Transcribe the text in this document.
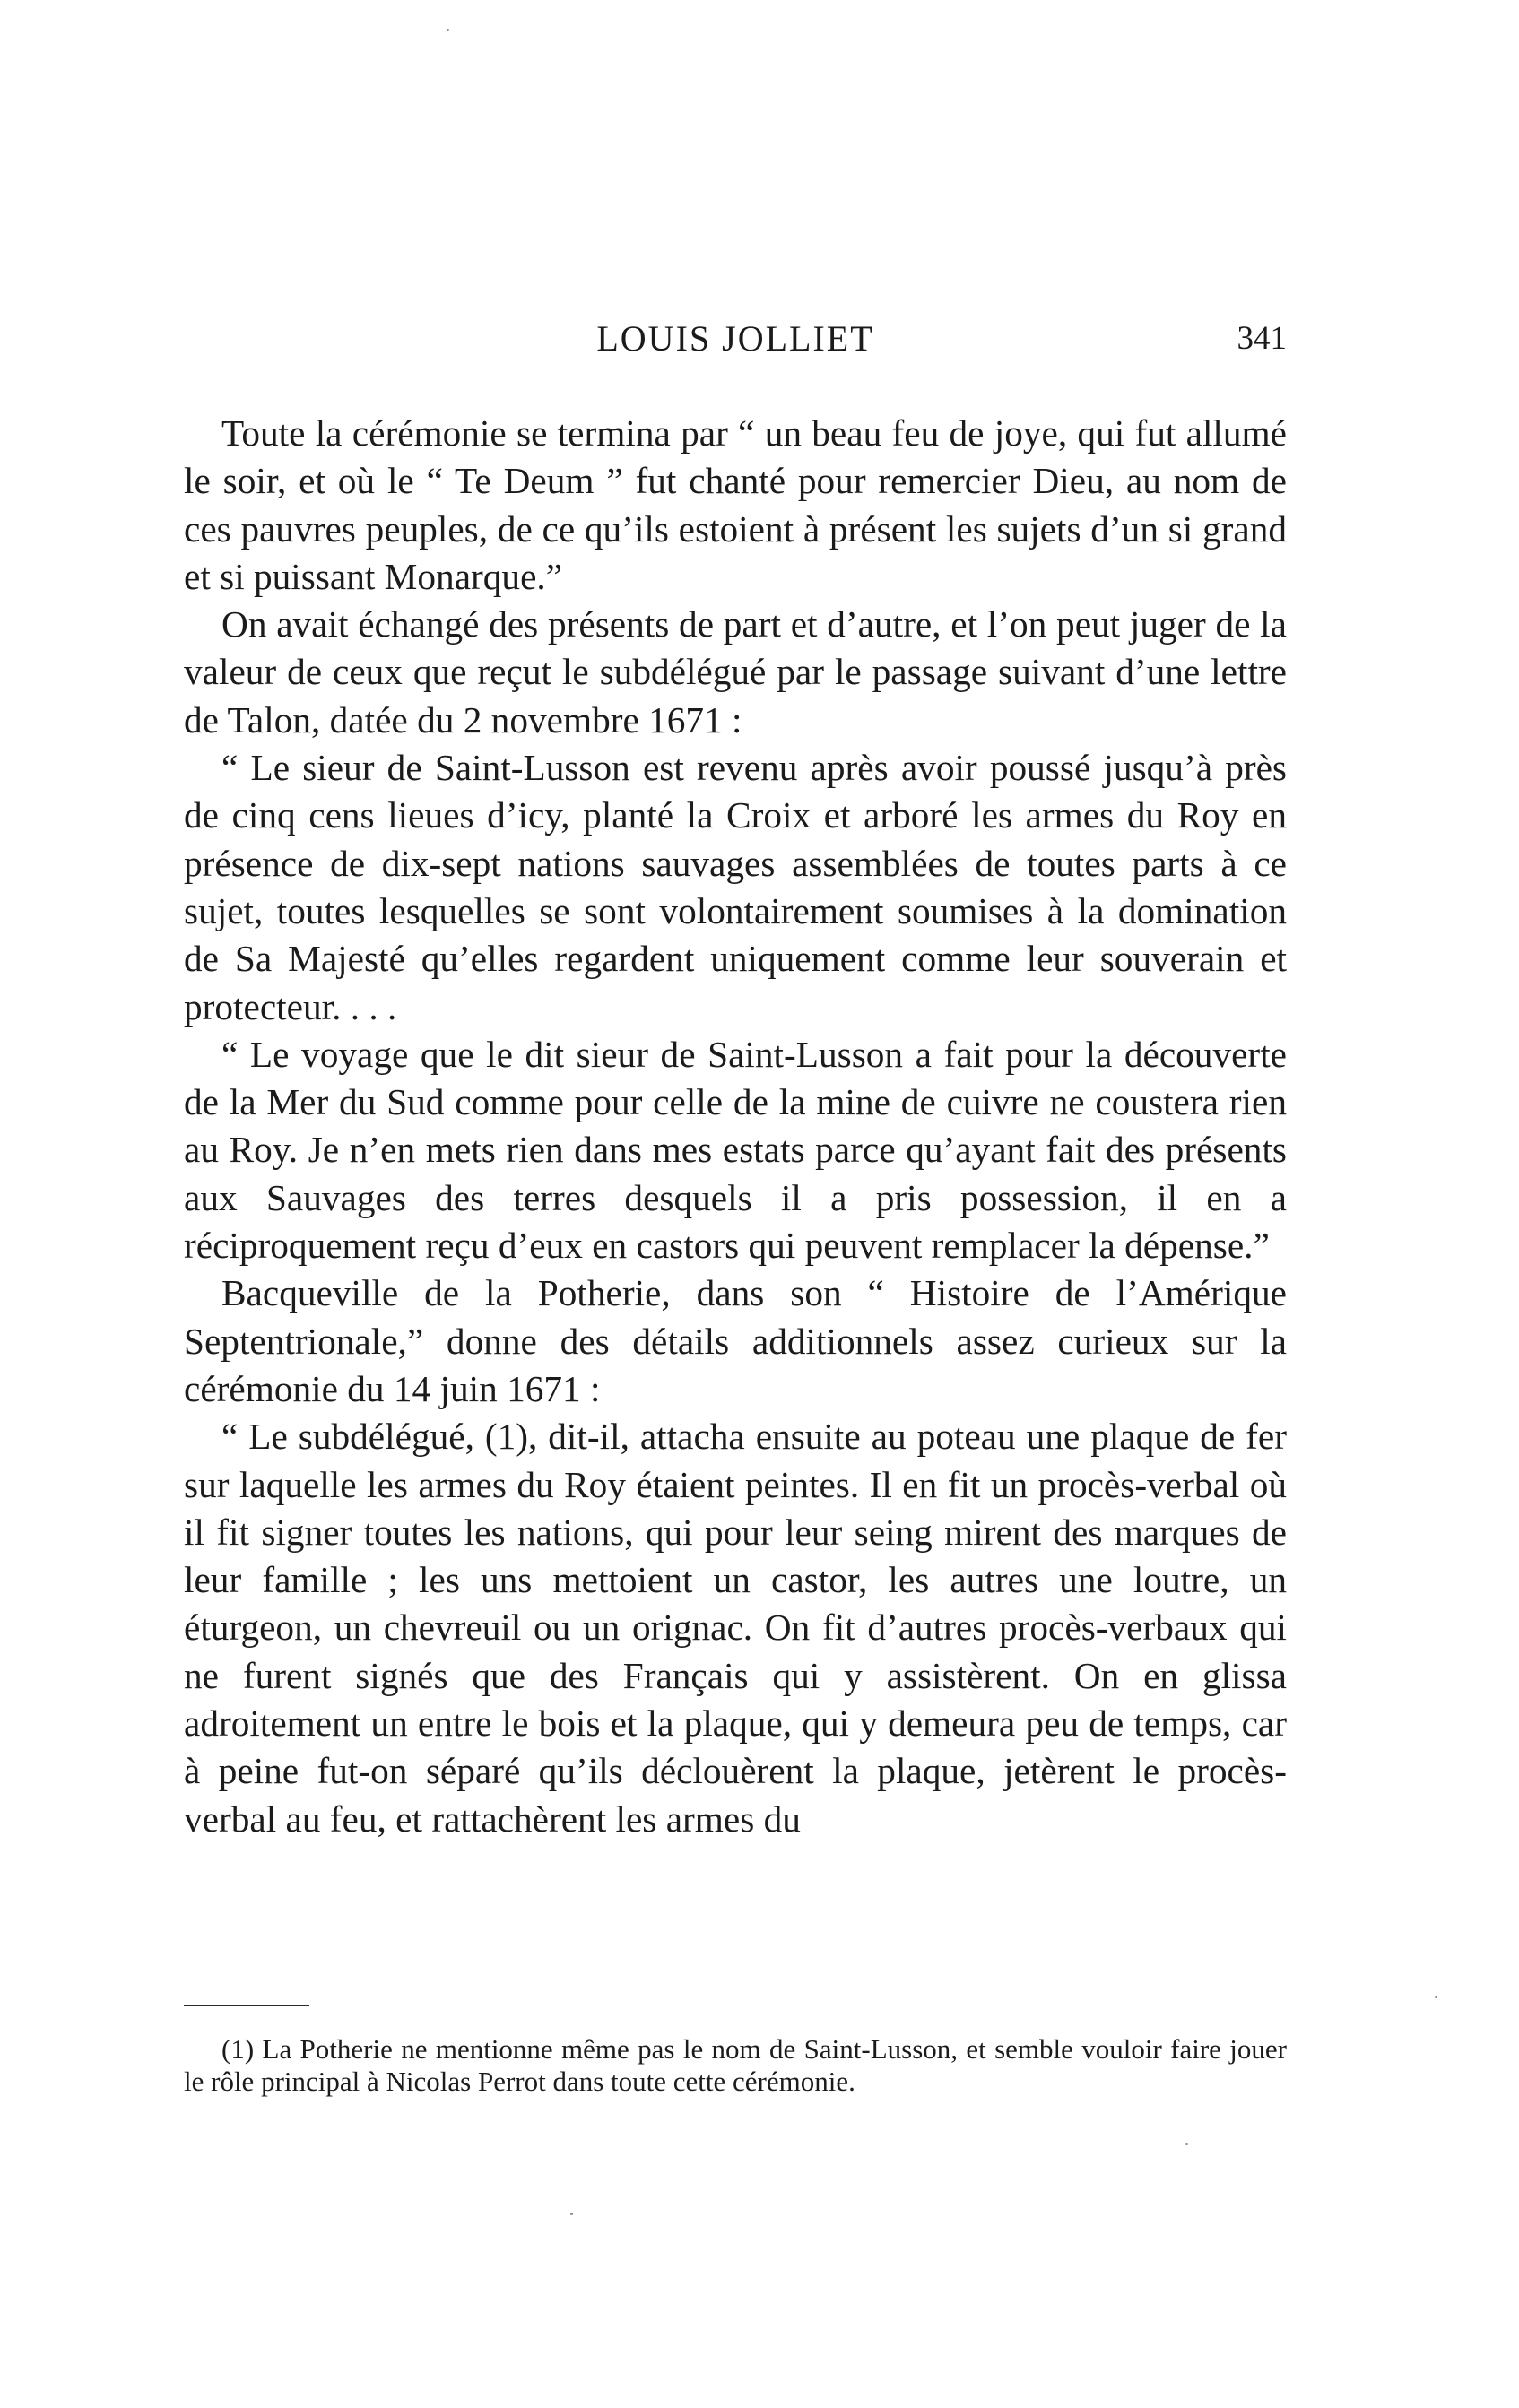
LOUIS JOLLIET	341

Toute la cérémonie se termina par “ un beau feu de joye, qui fut allumé le soir, et où le “ Te Deum ” fut chanté pour remercier Dieu, au nom de ces pauvres peuples, de ce qu’ils estoient à présent les sujets d’un si grand et si puissant Monarque.”

On avait échangé des présents de part et d’autre, et l’on peut juger de la valeur de ceux que reçut le subdélégué par le passage suivant d’une lettre de Talon, datée du 2 novembre 1671 :

“ Le sieur de Saint-Lusson est revenu après avoir poussé jusqu’à près de cinq cens lieues d’icy, planté la Croix et arboré les armes du Roy en présence de dix-sept nations sauvages assemblées de toutes parts à ce sujet, toutes lesquelles se sont volontairement soumises à la domination de Sa Majesté qu’elles regardent uniquement comme leur souverain et protecteur. . . .

“ Le voyage que le dit sieur de Saint-Lusson a fait pour la découverte de la Mer du Sud comme pour celle de la mine de cuivre ne coustera rien au Roy. Je n’en mets rien dans mes estats parce qu’ayant fait des présents aux Sauvages des terres desquels il a pris possession, il en a réciproquement reçu d’eux en castors qui peuvent remplacer la dépense.”

Bacqueville de la Potherie, dans son “ Histoire de l’Amérique Septentrionale,” donne des détails additionnels assez curieux sur la cérémonie du 14 juin 1671 :

“ Le subdélégué, (1), dit-il, attacha ensuite au poteau une plaque de fer sur laquelle les armes du Roy étaient peintes. Il en fit un procès-verbal où il fit signer toutes les nations, qui pour leur seing mirent des marques de leur famille ; les uns mettoient un castor, les autres une loutre, un éturgeon, un chevreuil ou un orignac. On fit d’autres procès-verbaux qui ne furent signés que des Français qui y assistèrent. On en glissa adroitement un entre le bois et la plaque, qui y demeura peu de temps, car à peine fut-on séparé qu’ils déclouèrent la plaque, jetèrent le procès-verbal au feu, et rattachèrent les armes du

(1) La Potherie ne mentionne même pas le nom de Saint-Lusson, et semble vouloir faire jouer le rôle principal à Nicolas Perrot dans toute cette cérémonie.
